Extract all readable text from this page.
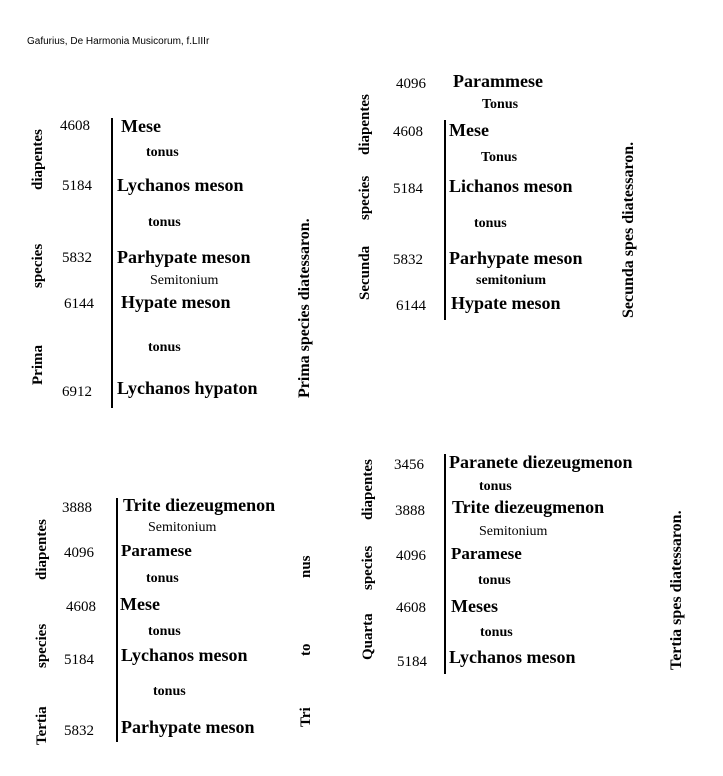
Gafurius, De Harmonia Musicorum, f.LIIIr
Prima
species
diapentes
4608 Mese
tonus
5184 Lychanos meson
tonus
5832 Parhypate meson
Semitonium
6144 Hypate meson
tonus
6912 Lychanos hypaton Prima species diatessaron.	Secunda
species
diapentes
4096 Parammese
Tonus
4608 Mese
Tonus
5184 Lichanos meson
tonus
5832 Parhypate meson
semitonium
6144 Hypate meson	Secunda spes diatessaron.
Tertia
species
diapentes
3888 Trite diezeugmenon
Semitonium
4096 Paramese
tonus
4608 Mese
tonus
5184 Lychanos meson
tonus
5832 Parhypate meson	Tri
to
nus
Quarta
species
diapentes 3456 Paranete diezeugmenon
tonus
3888 Trite diezeugmenon
Semitonium
4096 Paramese
tonus
4608 Meses
tonus
5184 Lychanos meson	Tertia spes diatessaron.
